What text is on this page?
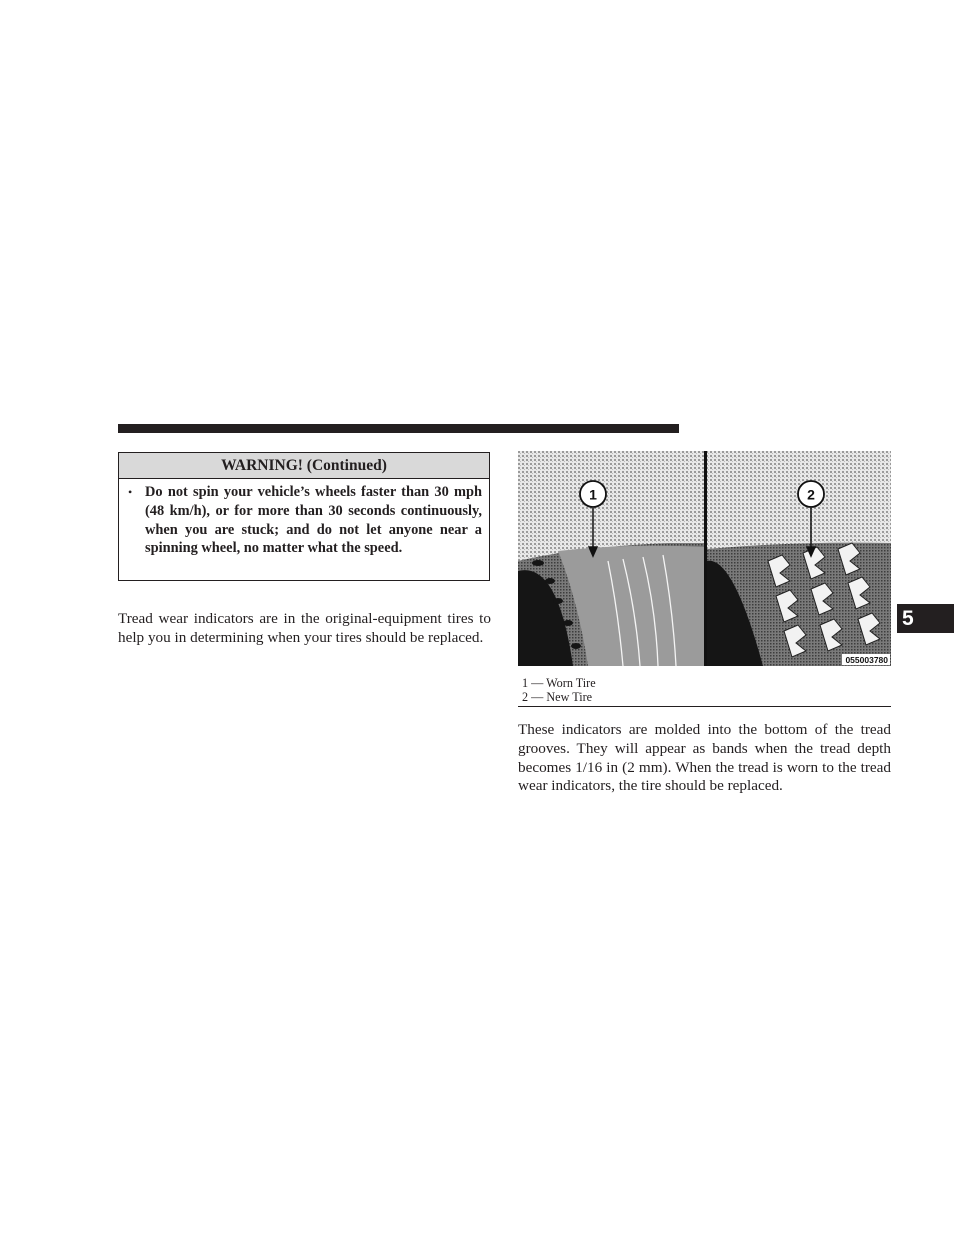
WARNING! (Continued)
• Do not spin your vehicle’s wheels faster than 30 mph (48 km/h), or for more than 30 seconds continuously, when you are stuck; and do not let anyone near a spinning wheel, no matter what the speed.

Tread wear indicators are in the original-equipment tires to help you in determining when your tires should be replaced.

1	2
055003780
1 — Worn Tire
2 — New Tire

These indicators are molded into the bottom of the tread grooves. They will appear as bands when the tread depth becomes 1/16 in (2 mm). When the tread is worn to the tread wear indicators, the tire should be replaced.

5
